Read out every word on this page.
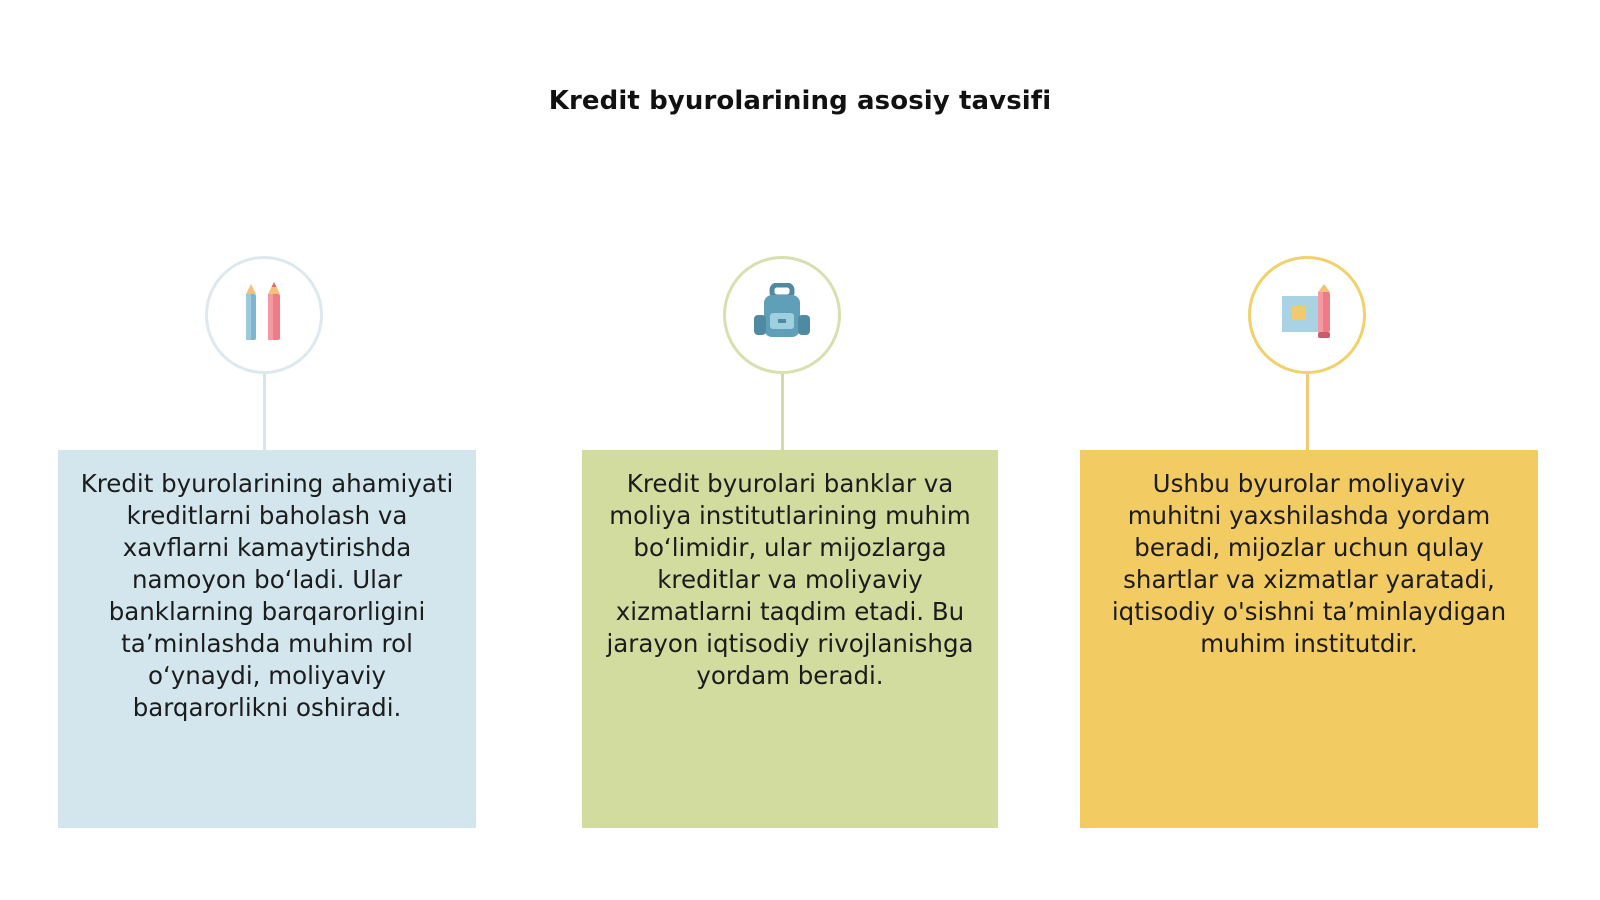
Kredit byurolarining asosiy tavsifi
Kredit byurolarining ahamiyati kreditlarni baholash va xavflarni kamaytirishda namoyon boʻladi. Ular banklarning barqarorligini taʼminlashda muhim rol oʻynaydi, moliyaviy barqarorlikni oshiradi.
Kredit byurolari banklar va moliya institutlarining muhim boʻlimidir, ular mijozlarga kreditlar va moliyaviy xizmatlarni taqdim etadi. Bu jarayon iqtisodiy rivojlanishga yordam beradi.
Ushbu byurolar moliyaviy muhitni yaxshilashda yordam beradi, mijozlar uchun qulay shartlar va xizmatlar yaratadi, iqtisodiy o'sishni taʼminlaydigan muhim institutdir.
